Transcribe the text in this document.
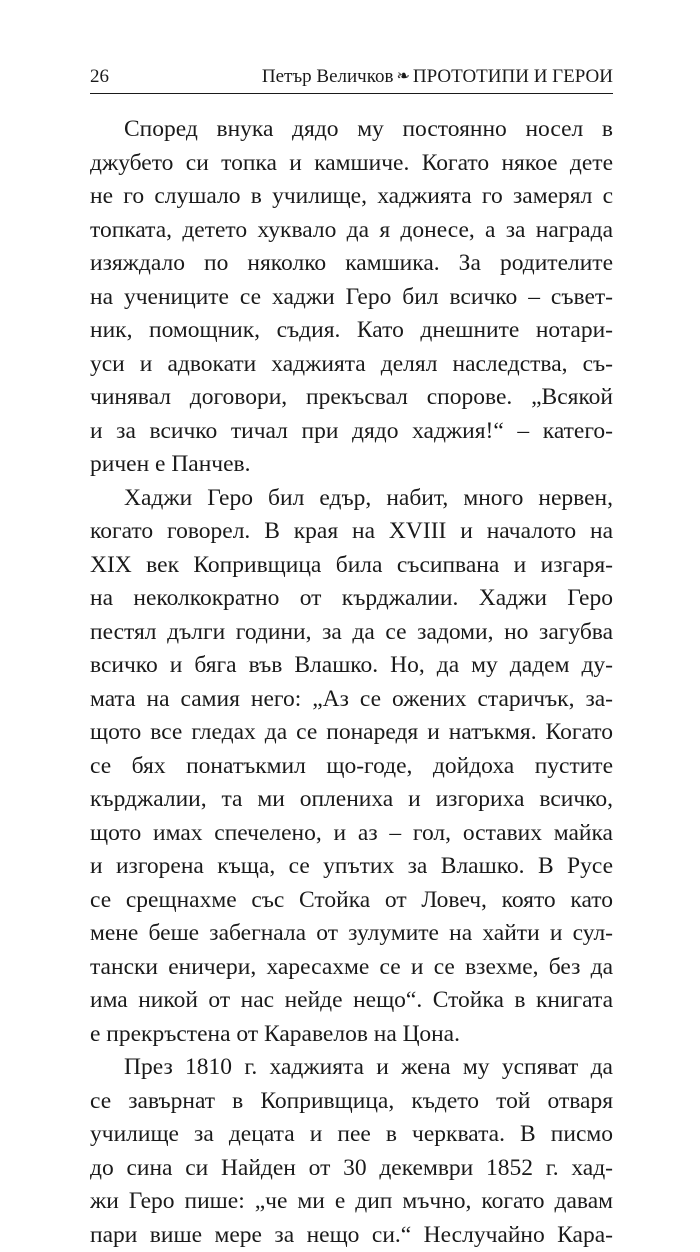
26	Петър Величков ❧ ПРОТОТИПИ И ГЕРОИ
Според внука дядо му постоянно носел в
джубето си топка и камшиче. Когато някое дете
не го слушало в училище, хаджията го замерял с
топката, детето хуквало да я донесе, а за награда
изяждало по няколко камшика. За родителите
на учениците се хаджи Геро бил всичко – съвет-
ник, помощник, съдия. Като днешните нотари-
уси и адвокати хаджията делял наследства, съ-
чинявал договори, прекъсвал спорове. „Всякой
и за всичко тичал при дядо хаджия!“ – катего-
ричен е Панчев.
Хаджи Геро бил едър, набит, много нервен,
когато говорел. В края на XVIII и началото на
XIX век Копривщица била съсипвана и изгаря-
на неколкократно от кърджалии. Хаджи Геро
пестял дълги години, за да се задоми, но загубва
всичко и бяга във Влашко. Но, да му дадем ду-
мата на самия него: „Аз се ожених старичък, за-
щото все гледах да се понаредя и натъкмя. Когато
се бях понатъкмил що-годе, дойдоха пустите
кърджалии, та ми оплениха и изгориха всичко,
щото имах спечелено, и аз – гол, оставих майка
и изгорена къща, се упътих за Влашко. В Русе
се срещнахме със Стойка от Ловеч, която като
мене беше забегнала от зулумите на хайти и сул-
тански еничери, харесахме се и се взехме, без да
има никой от нас нейде нещо“. Стойка в книгата
е прекръстена от Каравелов на Цона.
През 1810 г. хаджията и жена му успяват да
се завърнат в Копривщица, където той отваря
училище за децата и пее в черквата. В писмо
до сина си Найден от 30 декември 1852 г. хад-
жи Геро пише: „че ми е дип мъчно, когато давам
пари више мере за нещо си.“ Неслучайно Кара-
